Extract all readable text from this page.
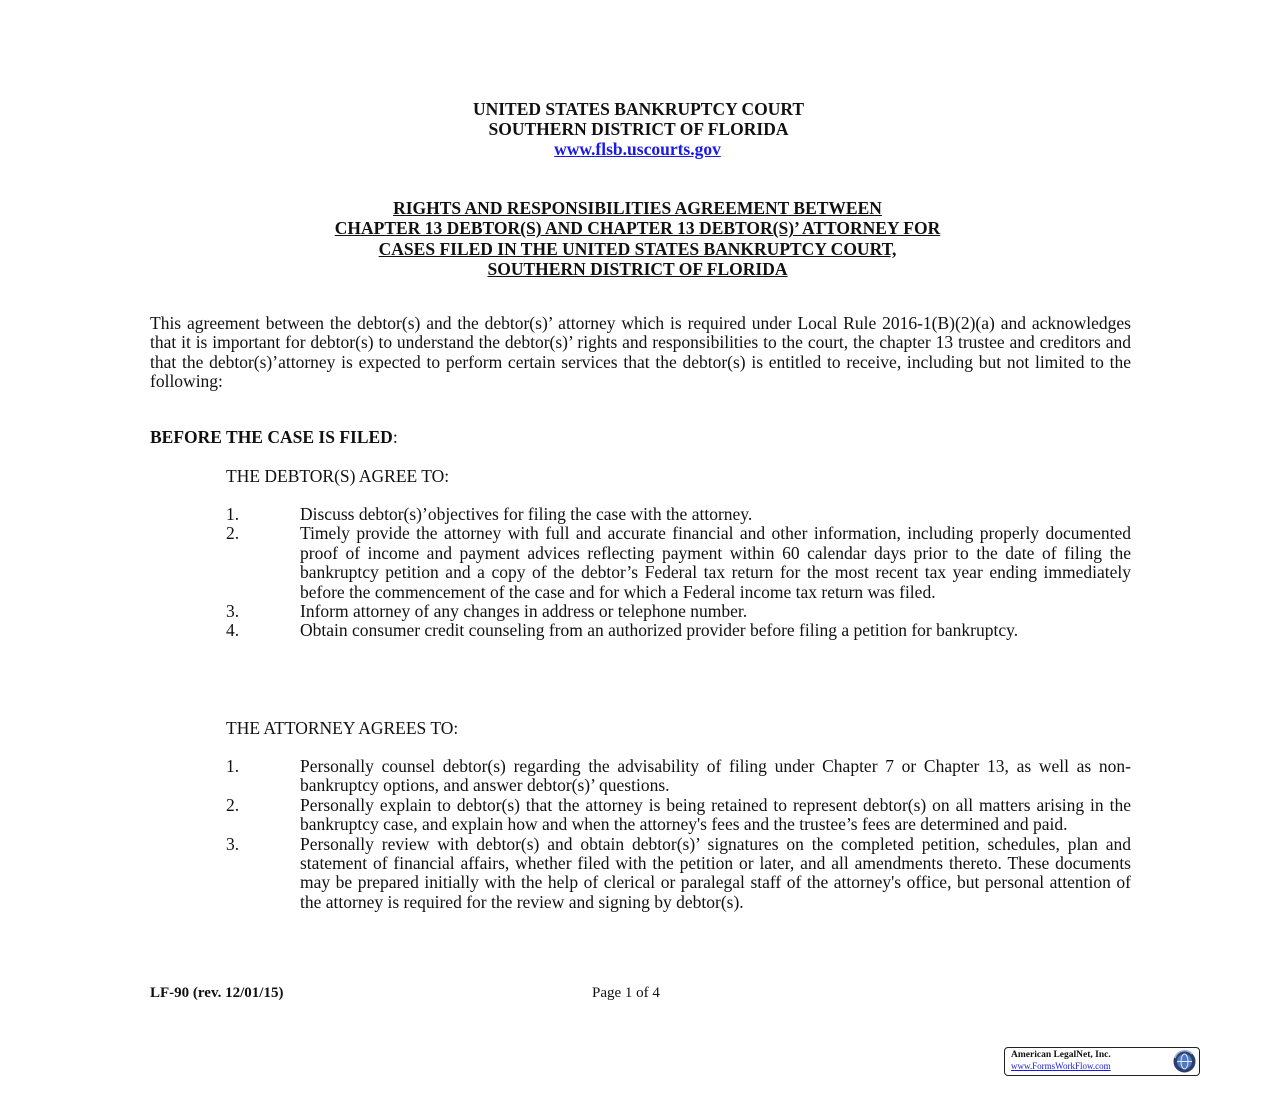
UNITED STATES BANKRUPTCY COURT
SOUTHERN DISTRICT OF FLORIDA
www.flsb.uscourts.gov
RIGHTS AND RESPONSIBILITIES AGREEMENT BETWEEN
CHAPTER 13 DEBTOR(S) AND CHAPTER 13 DEBTOR(S)’ ATTORNEY FOR
CASES FILED IN THE UNITED STATES BANKRUPTCY COURT,
SOUTHERN DISTRICT OF FLORIDA

This agreement between the debtor(s) and the debtor(s)’ attorney which is required under Local Rule 2016-1(B)(2)(a) and acknowledges that it is important for debtor(s) to understand the debtor(s)’ rights and responsibilities to the court, the chapter 13 trustee and creditors and that the debtor(s)’attorney is expected to perform certain services that the debtor(s) is entitled to receive, including but not limited to the following:

BEFORE THE CASE IS FILED:
THE DEBTOR(S) AGREE TO:
1.	Discuss debtor(s)’objectives for filing the case with the attorney.
2.	Timely provide the attorney with full and accurate financial and other information, including properly documented proof of income and payment advices reflecting payment within 60 calendar days prior to the date of filing the bankruptcy petition and a copy of the debtor’s Federal tax return for the most recent tax year ending immediately before the commencement of the case and for which a Federal income tax return was filed.
3.	Inform attorney of any changes in address or telephone number.
4.	Obtain consumer credit counseling from an authorized provider before filing a petition for bankruptcy.
THE ATTORNEY AGREES TO:
1.	Personally counsel debtor(s) regarding the advisability of filing under Chapter 7 or Chapter 13, as well as non-bankruptcy options, and answer debtor(s)’ questions.
2.	Personally explain to debtor(s) that the attorney is being retained to represent debtor(s) on all matters arising in the bankruptcy case, and explain how and when the attorney's fees and the trustee’s fees are determined and paid.
3.	Personally review with debtor(s) and obtain debtor(s)’ signatures on the completed petition, schedules, plan and statement of financial affairs, whether filed with the petition or later, and all amendments thereto. These documents may be prepared initially with the help of clerical or paralegal staff of the attorney's office, but personal attention of the attorney is required for the review and signing by debtor(s).
LF-90 (rev. 12/01/15)	Page 1 of 4
American LegalNet, Inc.
www.FormsWorkFlow.com
